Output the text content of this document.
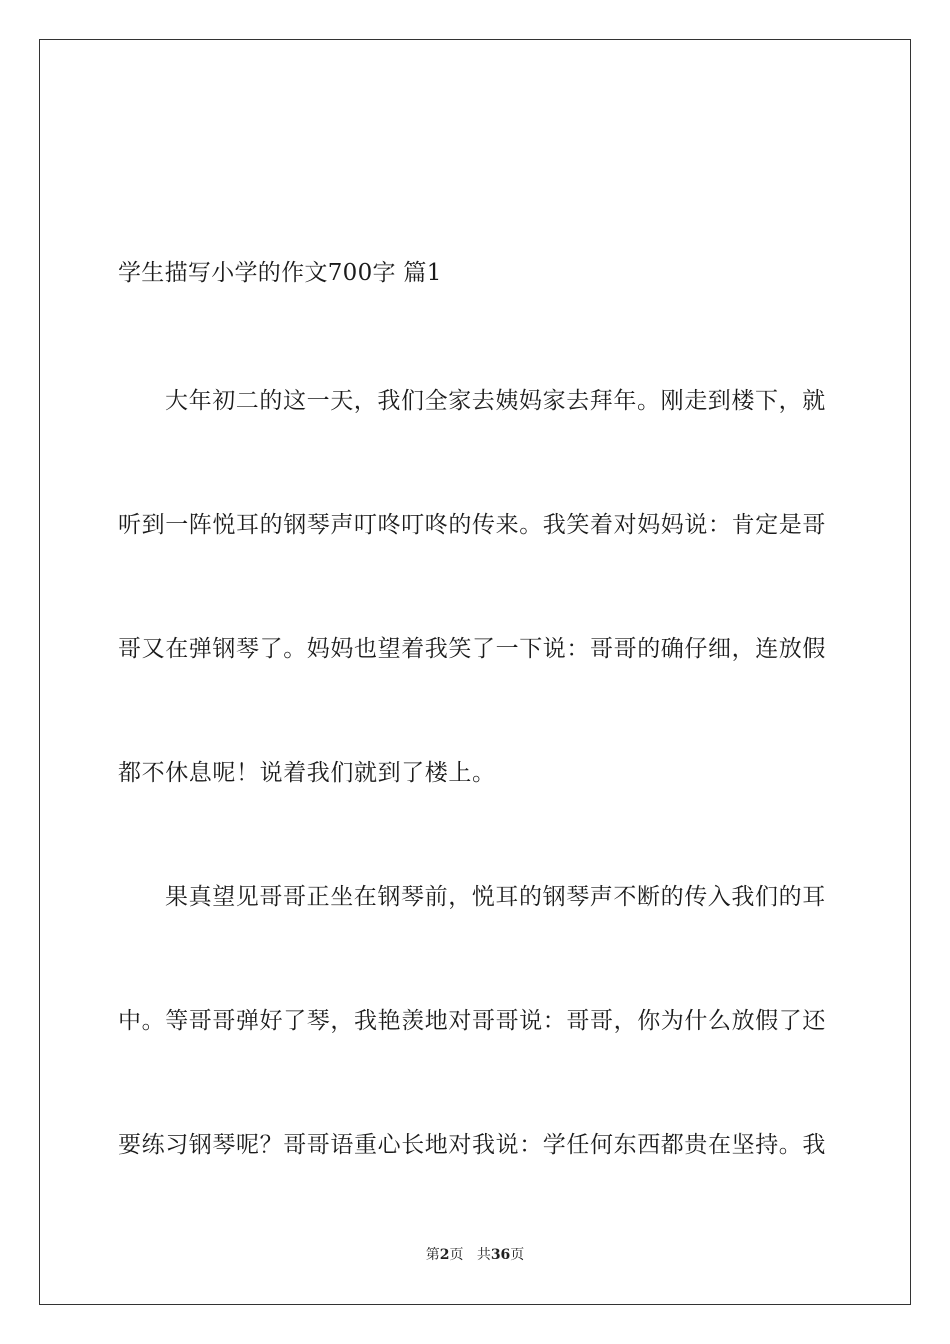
学生描写小学的作文700字 篇1
大年初二的这一天，我们全家去姨妈家去拜年。刚走到楼下，就
听到一阵悦耳的钢琴声叮咚叮咚的传来。我笑着对妈妈说：肯定是哥
哥又在弹钢琴了。妈妈也望着我笑了一下说：哥哥的确仔细，连放假
都不休息呢！说着我们就到了楼上。
果真望见哥哥正坐在钢琴前，悦耳的钢琴声不断的传入我们的耳
中。等哥哥弹好了琴，我艳羡地对哥哥说：哥哥，你为什么放假了还
要练习钢琴呢？哥哥语重心长地对我说：学任何东西都贵在坚持。我
第2页 共36页
